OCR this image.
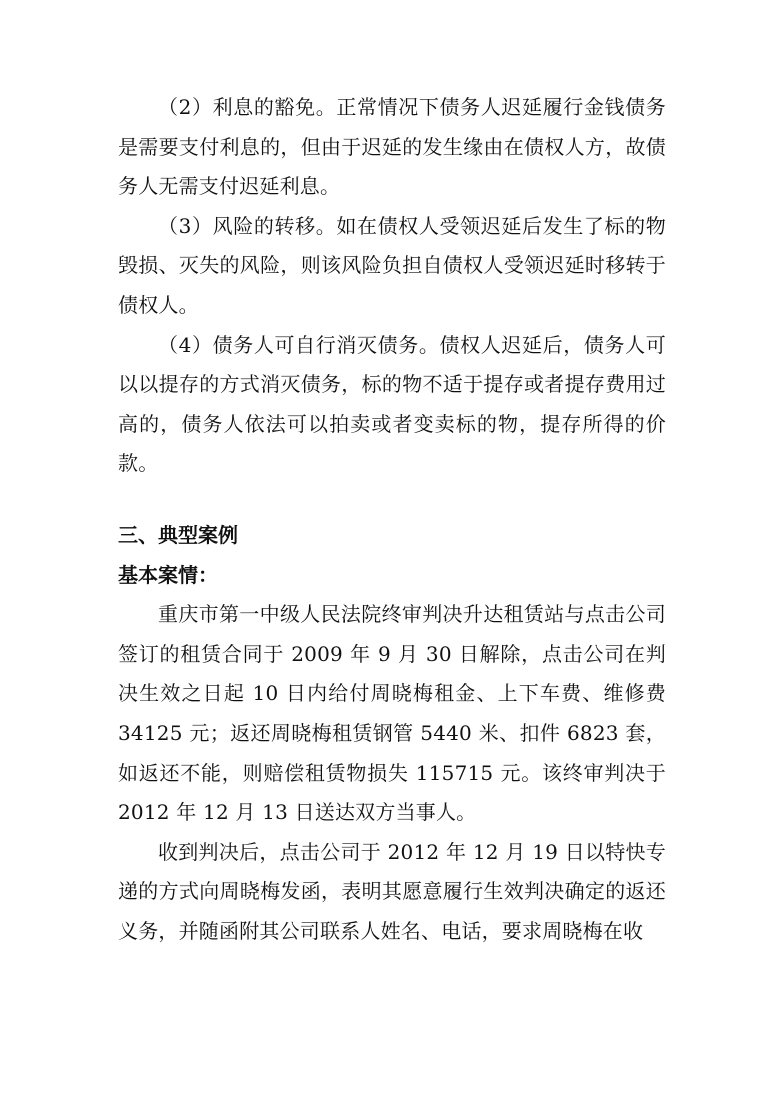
（2）利息的豁免。正常情况下债务人迟延履行金钱债务是需要支付利息的，但由于迟延的发生缘由在债权人方，故债务人无需支付迟延利息。

（3）风险的转移。如在债权人受领迟延后发生了标的物毁损、灭失的风险，则该风险负担自债权人受领迟延时移转于债权人。

（4）债务人可自行消灭债务。债权人迟延后，债务人可以以提存的方式消灭债务，标的物不适于提存或者提存费用过高的，债务人依法可以拍卖或者变卖标的物，提存所得的价款。

三、典型案例
基本案情：

重庆市第一中级人民法院终审判决升达租赁站与点击公司签订的租赁合同于 2009 年 9 月 30 日解除，点击公司在判决生效之日起 10 日内给付周晓梅租金、上下车费、维修费 34125 元；返还周晓梅租赁钢管 5440 米、扣件 6823 套，如返还不能，则赔偿租赁物损失 115715 元。该终审判决于 2012 年 12 月 13 日送达双方当事人。

收到判决后，点击公司于 2012 年 12 月 19 日以特快专递的方式向周晓梅发函，表明其愿意履行生效判决确定的返还义务，并随函附其公司联系人姓名、电话，要求周晓梅在收
